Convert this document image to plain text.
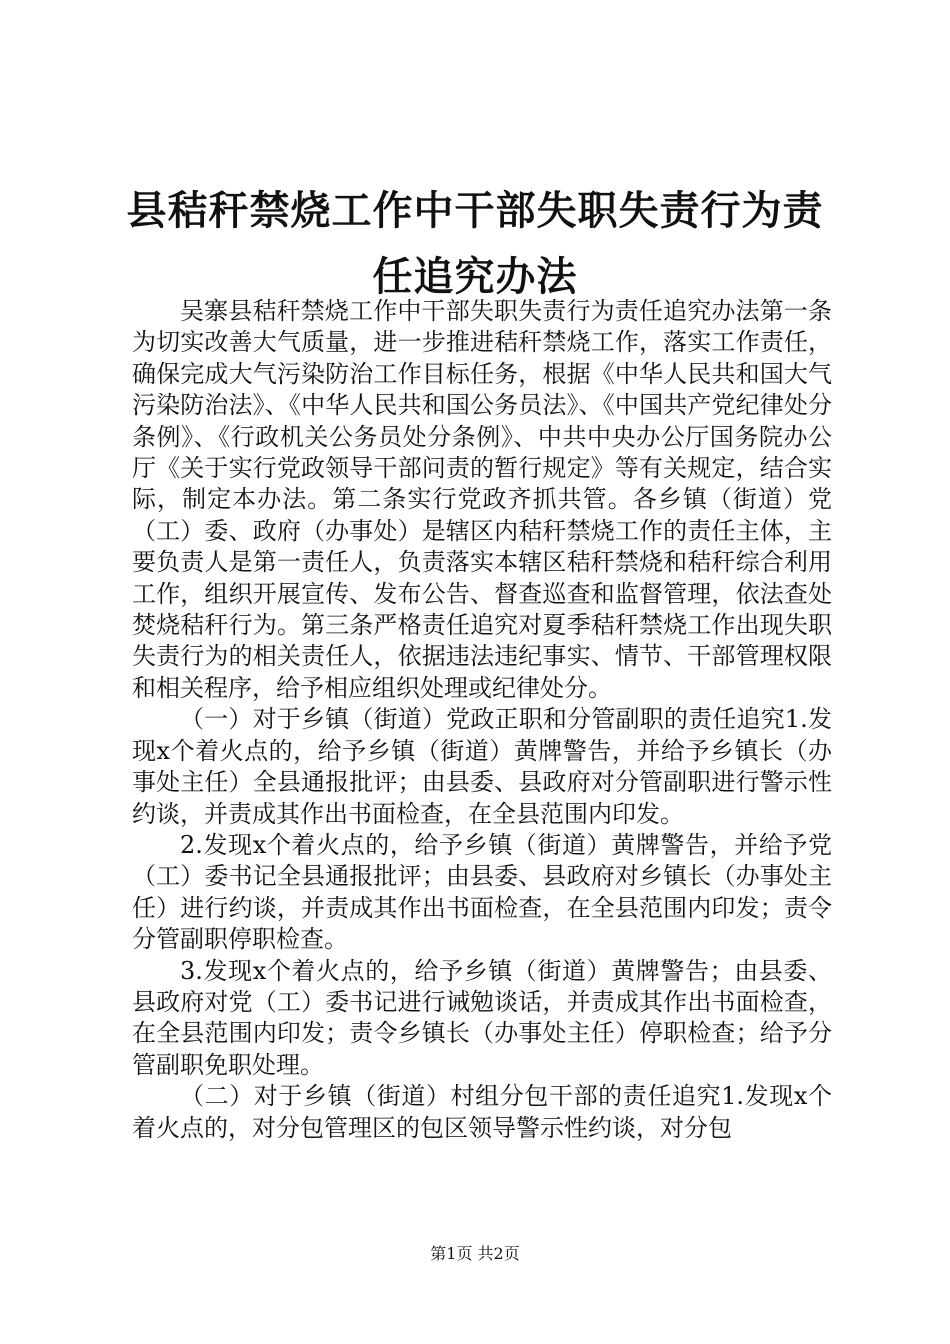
县秸秆禁烧工作中干部失职失责行为责任追究办法

吴寨县秸秆禁烧工作中干部失职失责行为责任追究办法第一条为切实改善大气质量，进一步推进秸秆禁烧工作，落实工作责任，确保完成大气污染防治工作目标任务，根据《中华人民共和国大气污染防治法》、《中华人民共和国公务员法》、《中国共产党纪律处分条例》、《行政机关公务员处分条例》、中共中央办公厅国务院办公厅《关于实行党政领导干部问责的暂行规定》等有关规定，结合实际，制定本办法。第二条实行党政齐抓共管。各乡镇（街道）党（工）委、政府（办事处）是辖区内秸秆禁烧工作的责任主体，主要负责人是第一责任人，负责落实本辖区秸秆禁烧和秸秆综合利用工作，组织开展宣传、发布公告、督查巡查和监督管理，依法查处焚烧秸秆行为。第三条严格责任追究对夏季秸秆禁烧工作出现失职失责行为的相关责任人，依据违法违纪事实、情节、干部管理权限和相关程序，给予相应组织处理或纪律处分。

（一）对于乡镇（街道）党政正职和分管副职的责任追究1.发现x个着火点的，给予乡镇（街道）黄牌警告，并给予乡镇长（办事处主任）全县通报批评；由县委、县政府对分管副职进行警示性约谈，并责成其作出书面检查，在全县范围内印发。

2.发现x个着火点的，给予乡镇（街道）黄牌警告，并给予党（工）委书记全县通报批评；由县委、县政府对乡镇长（办事处主任）进行约谈，并责成其作出书面检查，在全县范围内印发；责令分管副职停职检查。

3.发现x个着火点的，给予乡镇（街道）黄牌警告；由县委、县政府对党（工）委书记进行诫勉谈话，并责成其作出书面检查，在全县范围内印发；责令乡镇长（办事处主任）停职检查；给予分管副职免职处理。

（二）对于乡镇（街道）村组分包干部的责任追究1.发现x个着火点的，对分包管理区的包区领导警示性约谈，对分包

第1页 共2页
